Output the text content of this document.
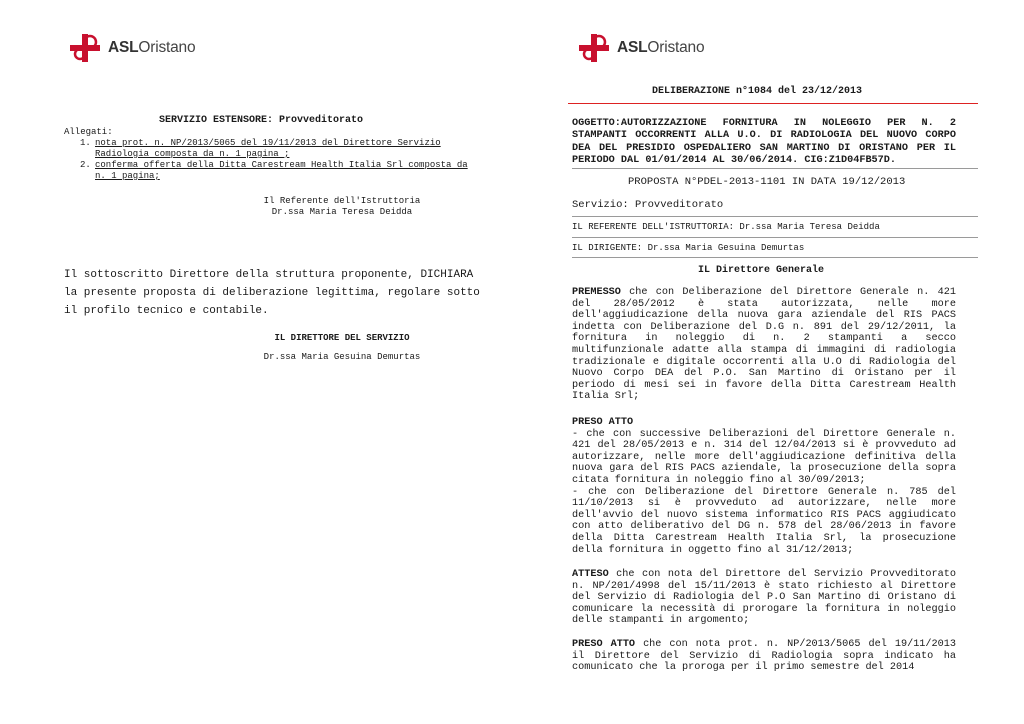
ASLOristano
SERVIZIO ESTENSORE: Provveditorato
Allegati:
1. nota prot. n. NP/2013/5065 del 19/11/2013 del Direttore Servizio
Radiologia composta da n. 1 pagina ;
2. conferma offerta della Ditta Carestream Health Italia Srl composta da
n. 1 pagina;
Il Referente dell'Istruttoria
Dr.ssa Maria Teresa Deidda
Il sottoscritto Direttore della struttura proponente, DICHIARA
la presente proposta di deliberazione legittima, regolare sotto
il profilo tecnico e contabile.
IL DIRETTORE DEL SERVIZIO
Dr.ssa Maria Gesuina Demurtas
ASLOristano
DELIBERAZIONE n°1084 del 23/12/2013
OGGETTO:AUTORIZZAZIONE FORNITURA IN NOLEGGIO PER N. 2 STAMPANTI OCCORRENTI ALLA U.O. DI RADIOLOGIA DEL NUOVO CORPO DEA DEL PRESIDIO OSPEDALIERO SAN MARTINO DI ORISTANO PER IL PERIODO DAL 01/01/2014 AL 30/06/2014. CIG:Z1D04FB57D.
PROPOSTA N°PDEL-2013-1101 IN DATA 19/12/2013
Servizio: Provveditorato
IL REFERENTE DELL'ISTRUTTORIA: Dr.ssa Maria Teresa Deidda
IL DIRIGENTE: Dr.ssa Maria Gesuina Demurtas
IL Direttore Generale
PREMESSO che con Deliberazione del Direttore Generale n. 421 del 28/05/2012 è stata autorizzata, nelle more dell'aggiudicazione della nuova gara aziendale del RIS PACS indetta con Deliberazione del D.G n. 891 del 29/12/2011, la fornitura in noleggio di n. 2 stampanti a secco multifunzionale adatte alla stampa di immagini di radiologia tradizionale e digitale occorrenti alla U.O di Radiologia del Nuovo Corpo DEA del P.O. San Martino di Oristano per il periodo di mesi sei in favore della Ditta Carestream Health Italia Srl;
PRESO ATTO
- che con successive Deliberazioni del Direttore Generale n. 421 del 28/05/2013 e n. 314 del 12/04/2013 si è provveduto ad autorizzare, nelle more dell'aggiudicazione definitiva della nuova gara del RIS PACS aziendale, la prosecuzione della sopra citata fornitura in noleggio fino al 30/09/2013;
- che con Deliberazione del Direttore Generale n. 785 del 11/10/2013 si è provveduto ad autorizzare, nelle more dell'avvio del nuovo sistema informatico RIS PACS aggiudicato con atto deliberativo del DG n. 578 del 28/06/2013 in favore della Ditta Carestream Health Italia Srl, la prosecuzione della fornitura in oggetto fino al 31/12/2013;
ATTESO che con nota del Direttore del Servizio Provveditorato n. NP/201/4998 del 15/11/2013 è stato richiesto al Direttore del Servizio di Radiologia del P.O San Martino di Oristano di comunicare la necessità di prorogare la fornitura in noleggio delle stampanti in argomento;
PRESO ATTO che con nota prot. n. NP/2013/5065 del 19/11/2013 il Direttore del Servizio di Radiologia sopra indicato ha comunicato che la proroga per il primo semestre del 2014
